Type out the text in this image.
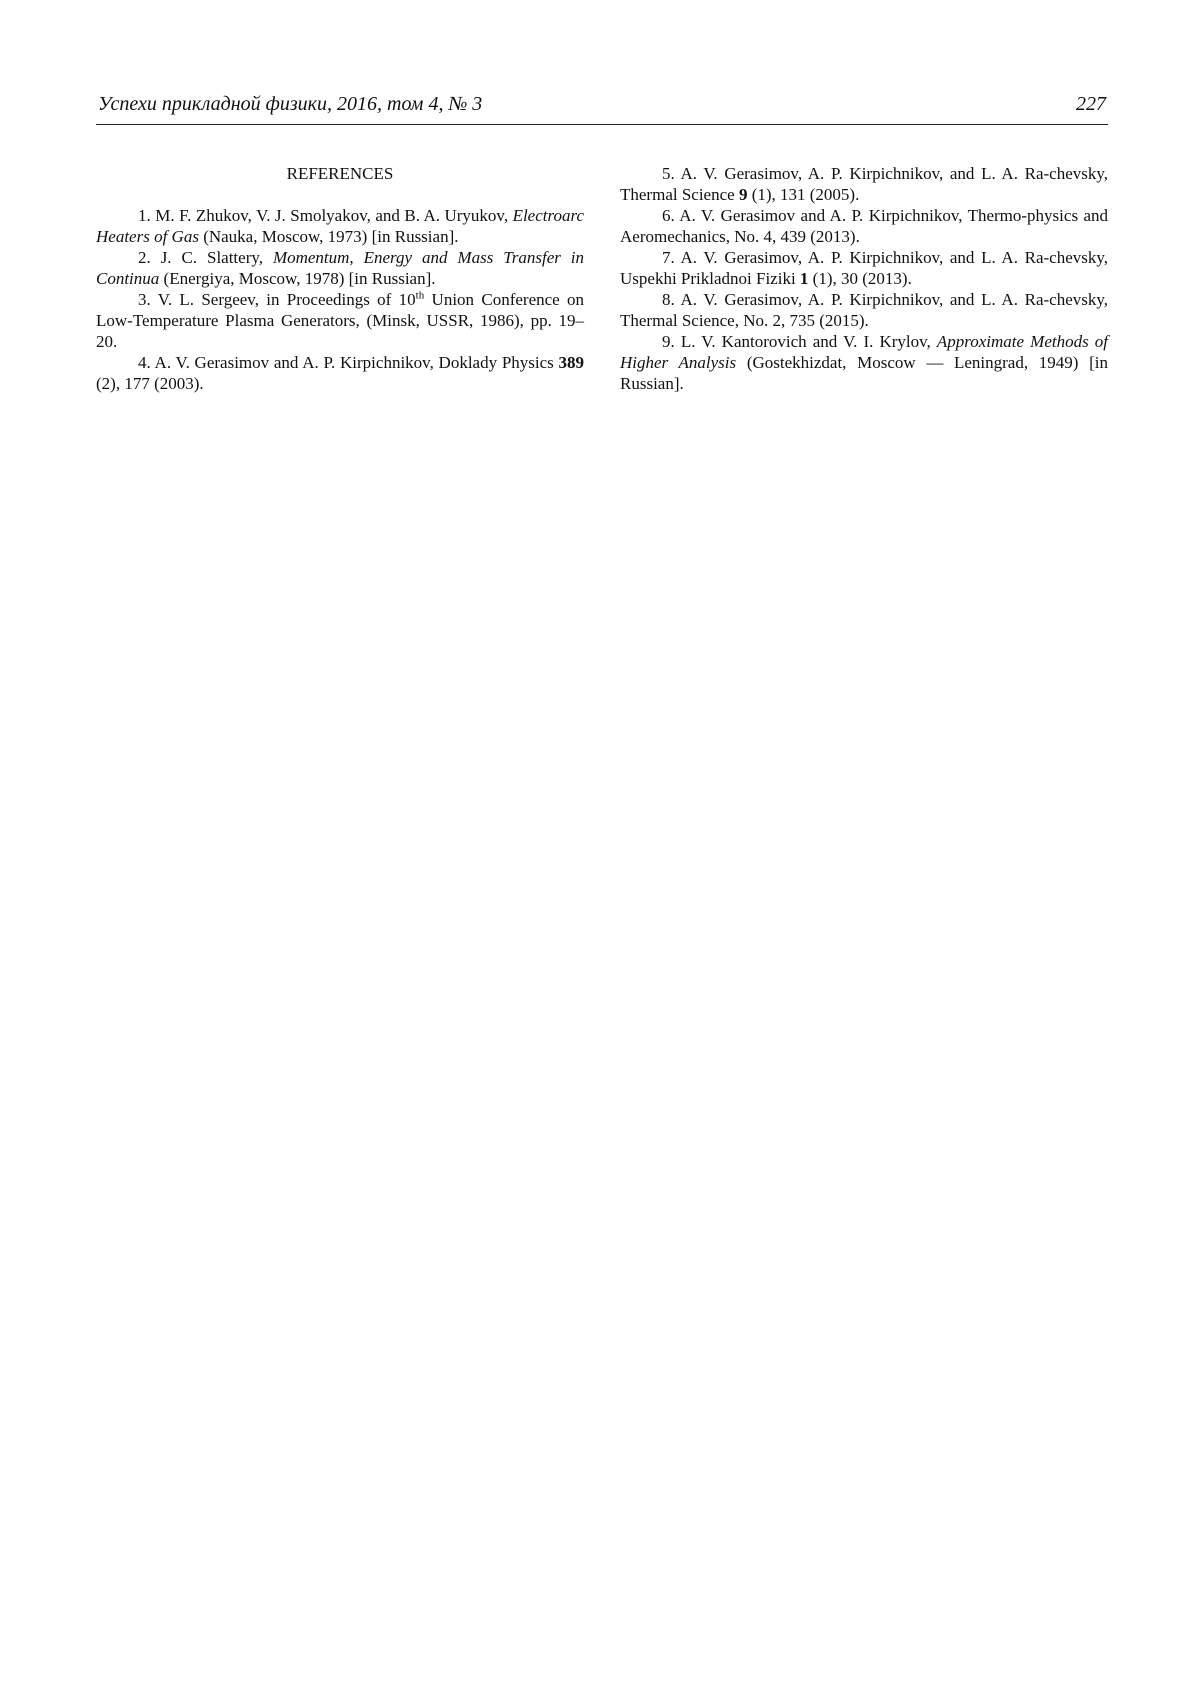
Успехи прикладной физики, 2016, том 4, № 3	227
REFERENCES

1. M. F. Zhukov, V. J. Smolyakov, and B. A. Uryukov, Electroarc Heaters of Gas (Nauka, Moscow, 1973) [in Russian].

2. J. C. Slattery, Momentum, Energy and Mass Transfer in Continua (Energiya, Moscow, 1978) [in Russian].

3. V. L. Sergeev, in Proceedings of 10th Union Conference on Low-Temperature Plasma Generators, (Minsk, USSR, 1986), pp. 19–20.

4. A. V. Gerasimov and A. P. Kirpichnikov, Doklady Physics 389 (2), 177 (2003).

5. A. V. Gerasimov, A. P. Kirpichnikov, and L. A. Ra-chevsky, Thermal Science 9 (1), 131 (2005).

6. A. V. Gerasimov and A. P. Kirpichnikov, Thermo-physics and Aeromechanics, No. 4, 439 (2013).

7. A. V. Gerasimov, A. P. Kirpichnikov, and L. A. Ra-chevsky, Uspekhi Prikladnoi Fiziki 1 (1), 30 (2013).

8. A. V. Gerasimov, A. P. Kirpichnikov, and L. A. Ra-chevsky, Thermal Science, No. 2, 735 (2015).

9. L. V. Kantorovich and V. I. Krylov, Approximate Methods of Higher Analysis (Gostekhizdat, Moscow — Leningrad, 1949) [in Russian].
